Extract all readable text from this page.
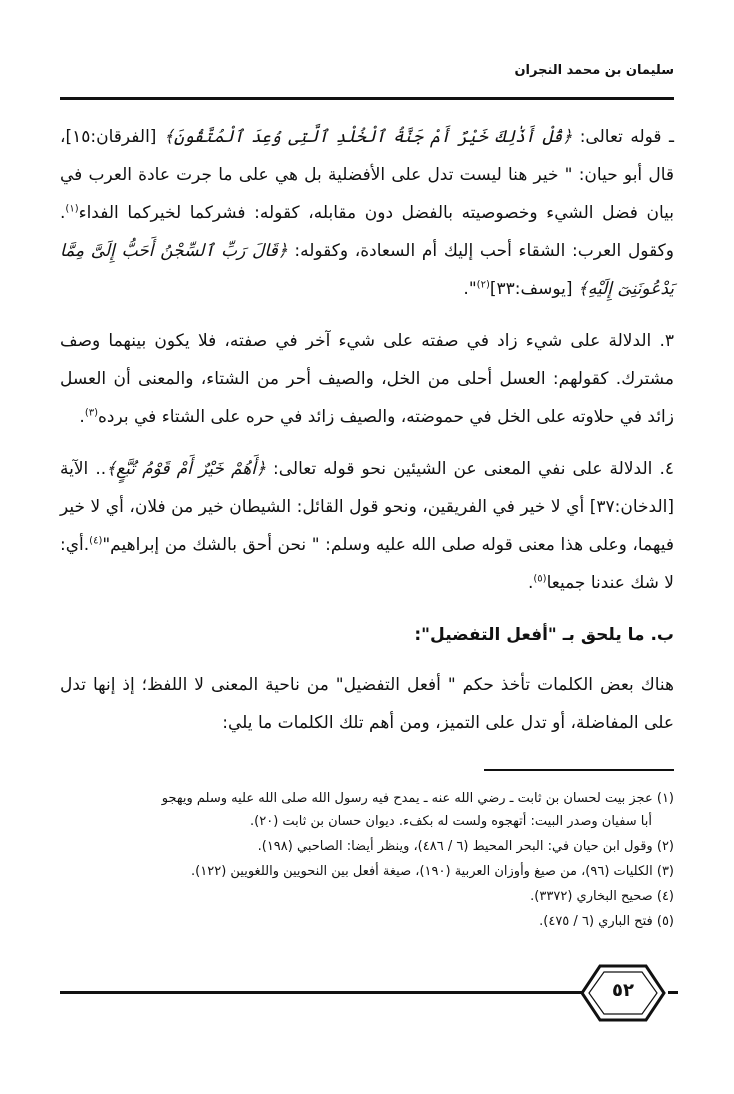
سليمان بن محمد النجران

ـ قوله تعالى: ﴿قُلْ أَذَٰلِكَ خَيْرٌ أَمْ جَنَّةُ ٱلْخُلْدِ ٱلَّتِى وُعِدَ ٱلْمُتَّقُونَ﴾ [الفرقان:١٥]، قال أبو حيان: " خير هنا ليست تدل على الأفضلية بل هي على ما جرت عادة العرب في بيان فضل الشيء وخصوصيته بالفضل دون مقابله، كقوله: فشركما لخيركما الفداء$^{(١)}$. وكقول العرب: الشقاء أحب إليك أم السعادة، وكقوله: ﴿قَالَ رَبِّ ٱلسِّجْنُ أَحَبُّ إِلَىَّ مِمَّا يَدْعُونَنِىٓ إِلَيْهِ﴾ [يوسف:٣٣]$^{(٢)}$".

٣. الدلالة على شيء زاد في صفته على شيء آخر في صفته، فلا يكون بينهما وصف مشترك. كقولهم: العسل أحلى من الخل، والصيف أحر من الشتاء، والمعنى أن العسل زائد في حلاوته على الخل في حموضته، والصيف زائد في حره على الشتاء في برده$^{(٣)}$.

٤. الدلالة على نفي المعنى عن الشيئين نحو قوله تعالى: ﴿أَهُمْ خَيْرٌ أَمْ قَوْمُ تُبَّعٍ﴾.. الآية [الدخان:٣٧] أي لا خير في الفريقين، ونحو قول القائل: الشيطان خير من فلان، أي لا خير فيهما، وعلى هذا معنى قوله صلى الله عليه وسلم: " نحن أحق بالشك من إبراهيم"$^{(٤)}$.أي: لا شك عندنا جميعا$^{(٥)}$.

ب. ما يلحق بـ "أفعل التفضيل":

هناك بعض الكلمات تأخذ حكم " أفعل التفضيل" من ناحية المعنى لا اللفظ؛ إذ إنها تدل على المفاضلة، أو تدل على التميز، ومن أهم تلك الكلمات ما يلي:

(١) عجز بيت لحسان بن ثابت ـ رضي الله عنه ـ يمدح فيه رسول الله صلى الله عليه وسلم ويهجو
أبا سفيان وصدر البيت: أتهجوه ولست له بكفء. ديوان حسان بن ثابت (٢٠).
(٢) وقول ابن حيان في: البحر المحيط (٦ / ٤٨٦)، وينظر أيضا: الصاحبي (١٩٨).
(٣) الكليات (٩٦)، من صيغ وأوزان العربية (١٩٠)، صيغة أفعل بين النحويين واللغويين (١٢٢).
(٤) صحيح البخاري (٣٣٧٢).
(٥) فتح الباري (٦ / ٤٧٥).
٥٢
